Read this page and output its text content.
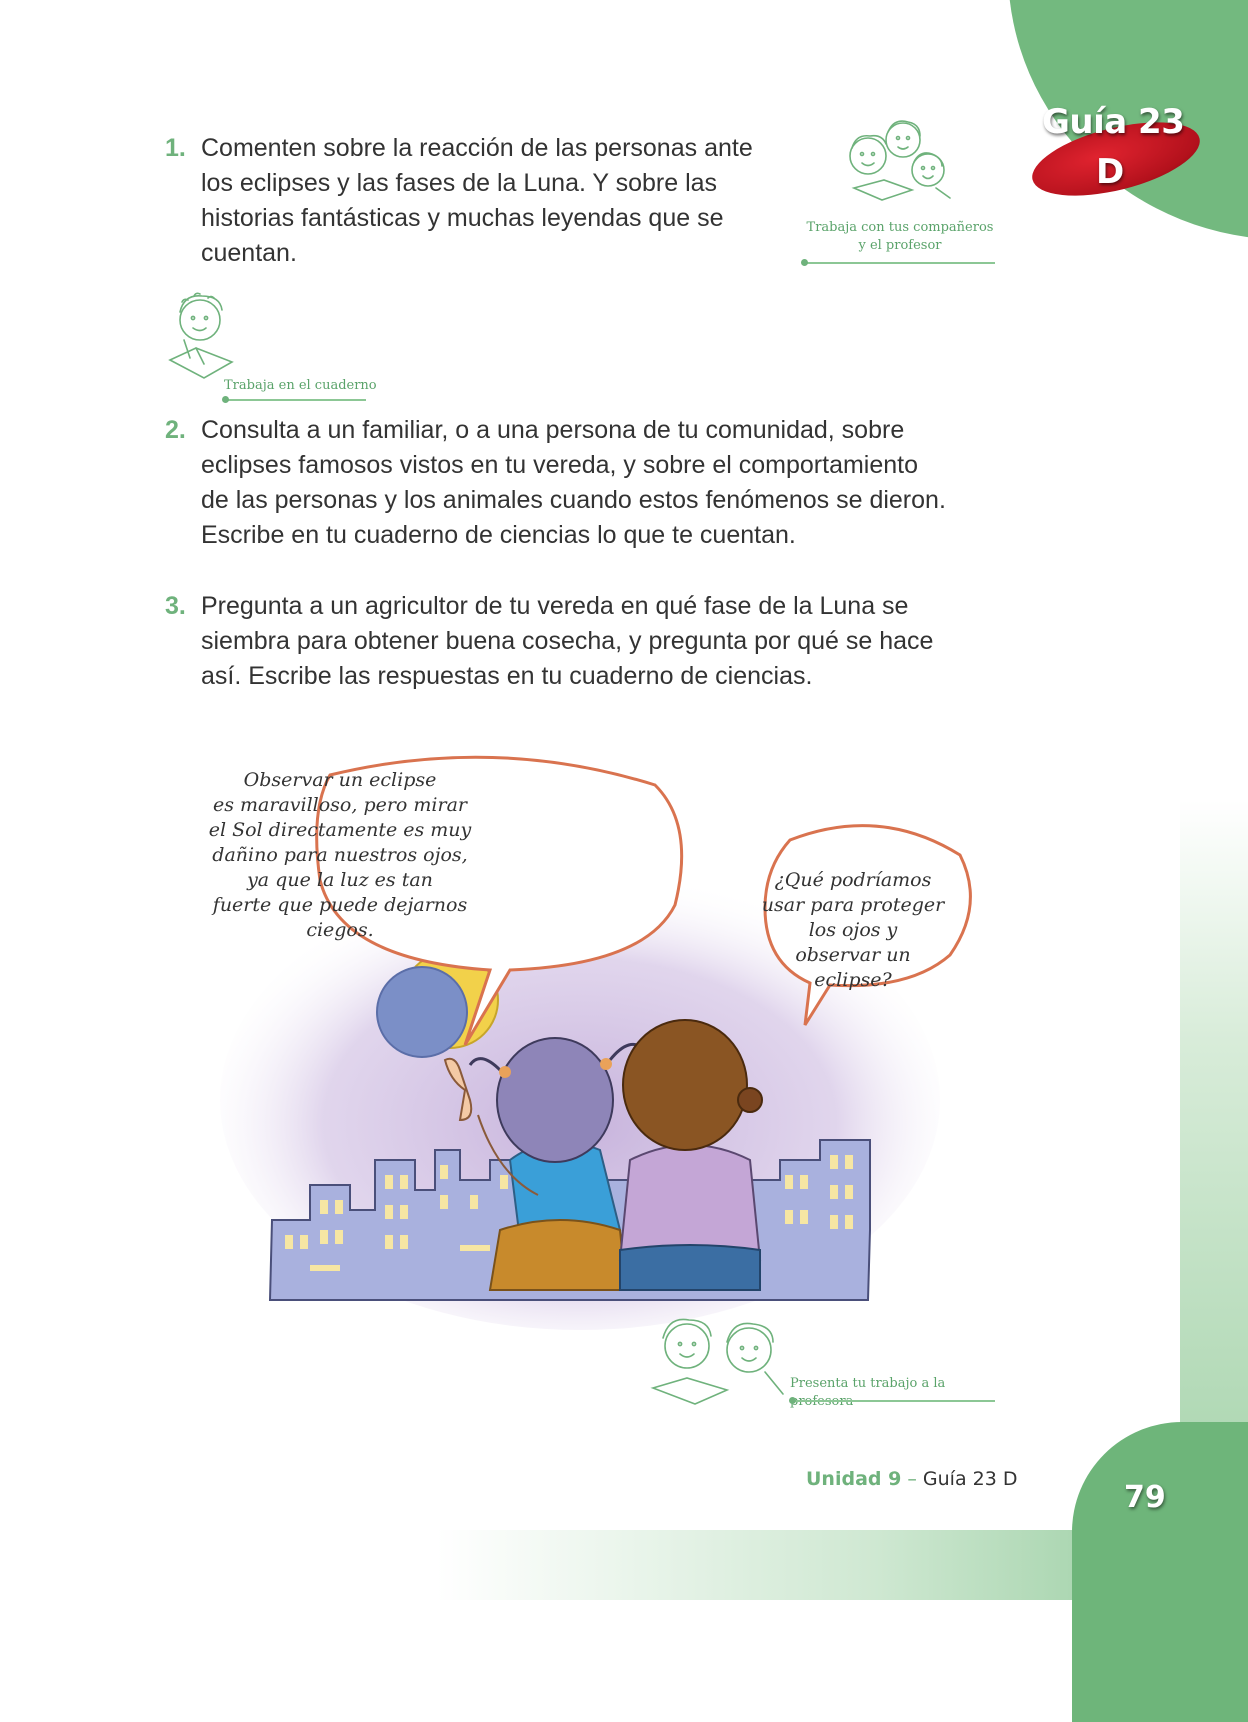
Guía 23
D
1. Comenten sobre la reacción de las personas ante

los eclipses y las fases de la Luna. Y sobre las

historias fantásticas y muchas leyendas que se

cuentan.

Trabaja con tus compañeros
y el profesor
Trabaja en el cuaderno
2. Consulta a un familiar, o a una persona de tu comunidad, sobre

eclipses famosos vistos en tu vereda, y sobre el comportamiento

de las personas y los animales cuando estos fenómenos se dieron.

Escribe en tu cuaderno de ciencias lo que te cuentan.

3. Pregunta a un agricultor de tu vereda en qué fase de la Luna se

siembra para obtener buena cosecha, y pregunta por qué se hace

así. Escribe las respuestas en tu cuaderno de ciencias.

Observar un eclipse
es maravilloso, pero mirar
el Sol directamente es muy
dañino para nuestros ojos,
ya que la luz es tan
fuerte que puede dejarnos
ciegos.
¿Qué podríamos
usar para proteger
los ojos y
observar un
eclipse?
Presenta tu trabajo a la
Unidad 9 – Guía 23 D
79
